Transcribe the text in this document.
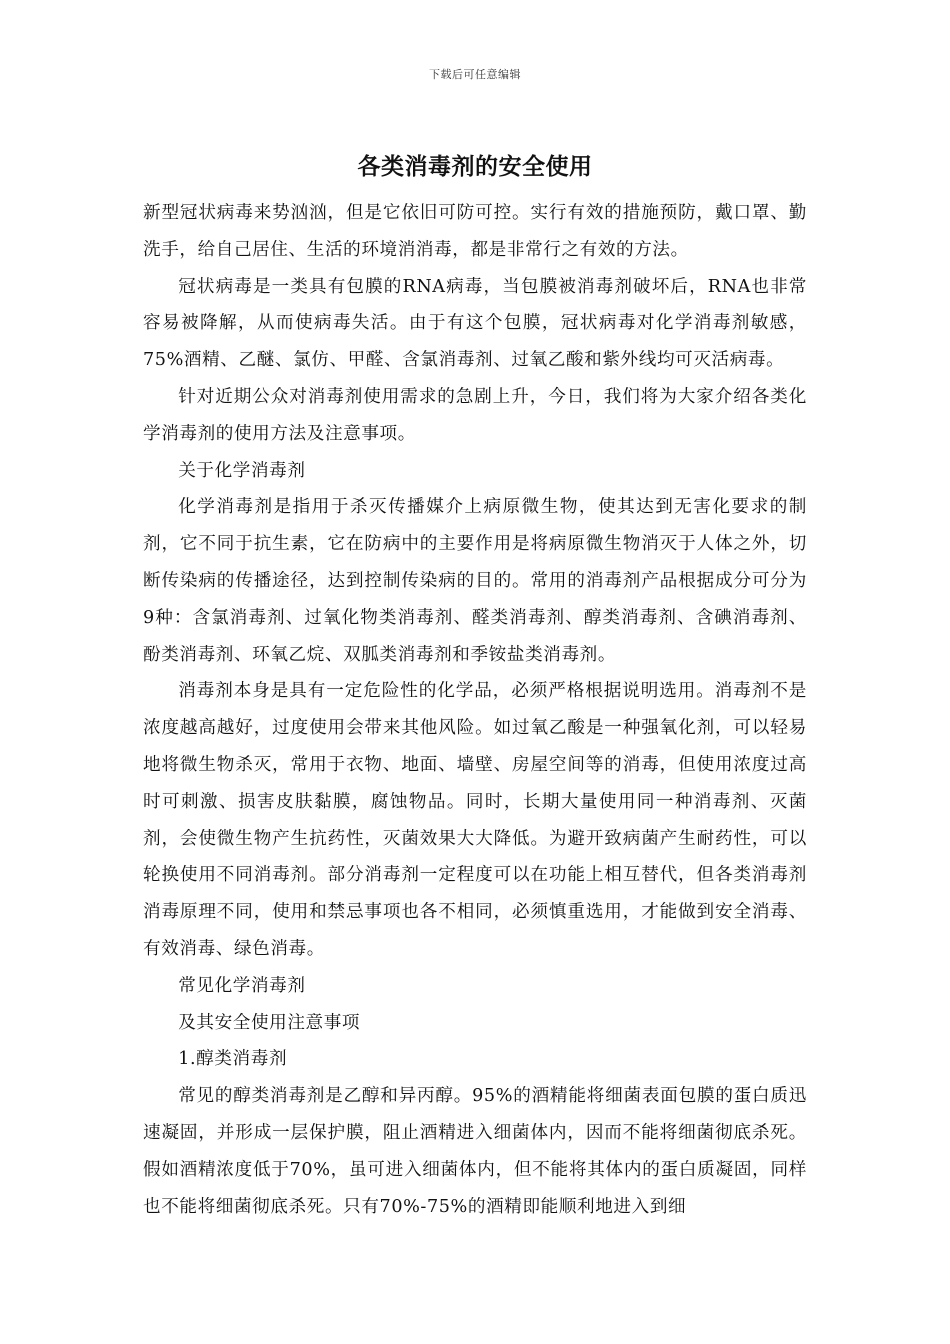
下载后可任意编辑
各类消毒剂的安全使用

新型冠状病毒来势汹汹，但是它依旧可防可控。实行有效的措施预防，戴口罩、勤洗手，给自己居住、生活的环境消消毒，都是非常行之有效的方法。

冠状病毒是一类具有包膜的RNA病毒，当包膜被消毒剂破坏后，RNA也非常容易被降解，从而使病毒失活。由于有这个包膜，冠状病毒对化学消毒剂敏感，75%酒精、乙醚、氯仿、甲醛、含氯消毒剂、过氧乙酸和紫外线均可灭活病毒。

针对近期公众对消毒剂使用需求的急剧上升，今日，我们将为大家介绍各类化学消毒剂的使用方法及注意事项。

关于化学消毒剂

化学消毒剂是指用于杀灭传播媒介上病原微生物，使其达到无害化要求的制剂，它不同于抗生素，它在防病中的主要作用是将病原微生物消灭于人体之外，切断传染病的传播途径，达到控制传染病的目的。常用的消毒剂产品根据成分可分为9种：含氯消毒剂、过氧化物类消毒剂、醛类消毒剂、醇类消毒剂、含碘消毒剂、酚类消毒剂、环氧乙烷、双胍类消毒剂和季铵盐类消毒剂。

消毒剂本身是具有一定危险性的化学品，必须严格根据说明选用。消毒剂不是浓度越高越好，过度使用会带来其他风险。如过氧乙酸是一种强氧化剂，可以轻易地将微生物杀灭，常用于衣物、地面、墙壁、房屋空间等的消毒，但使用浓度过高时可刺激、损害皮肤黏膜，腐蚀物品。同时，长期大量使用同一种消毒剂、灭菌剂，会使微生物产生抗药性，灭菌效果大大降低。为避开致病菌产生耐药性，可以轮换使用不同消毒剂。部分消毒剂一定程度可以在功能上相互替代，但各类消毒剂消毒原理不同，使用和禁忌事项也各不相同，必须慎重选用，才能做到安全消毒、有效消毒、绿色消毒。

常见化学消毒剂

及其安全使用注意事项

1.醇类消毒剂

常见的醇类消毒剂是乙醇和异丙醇。95%的酒精能将细菌表面包膜的蛋白质迅速凝固，并形成一层保护膜，阻止酒精进入细菌体内，因而不能将细菌彻底杀死。假如酒精浓度低于70%，虽可进入细菌体内，但不能将其体内的蛋白质凝固，同样也不能将细菌彻底杀死。只有70%-75%的酒精即能顺利地进入到细
